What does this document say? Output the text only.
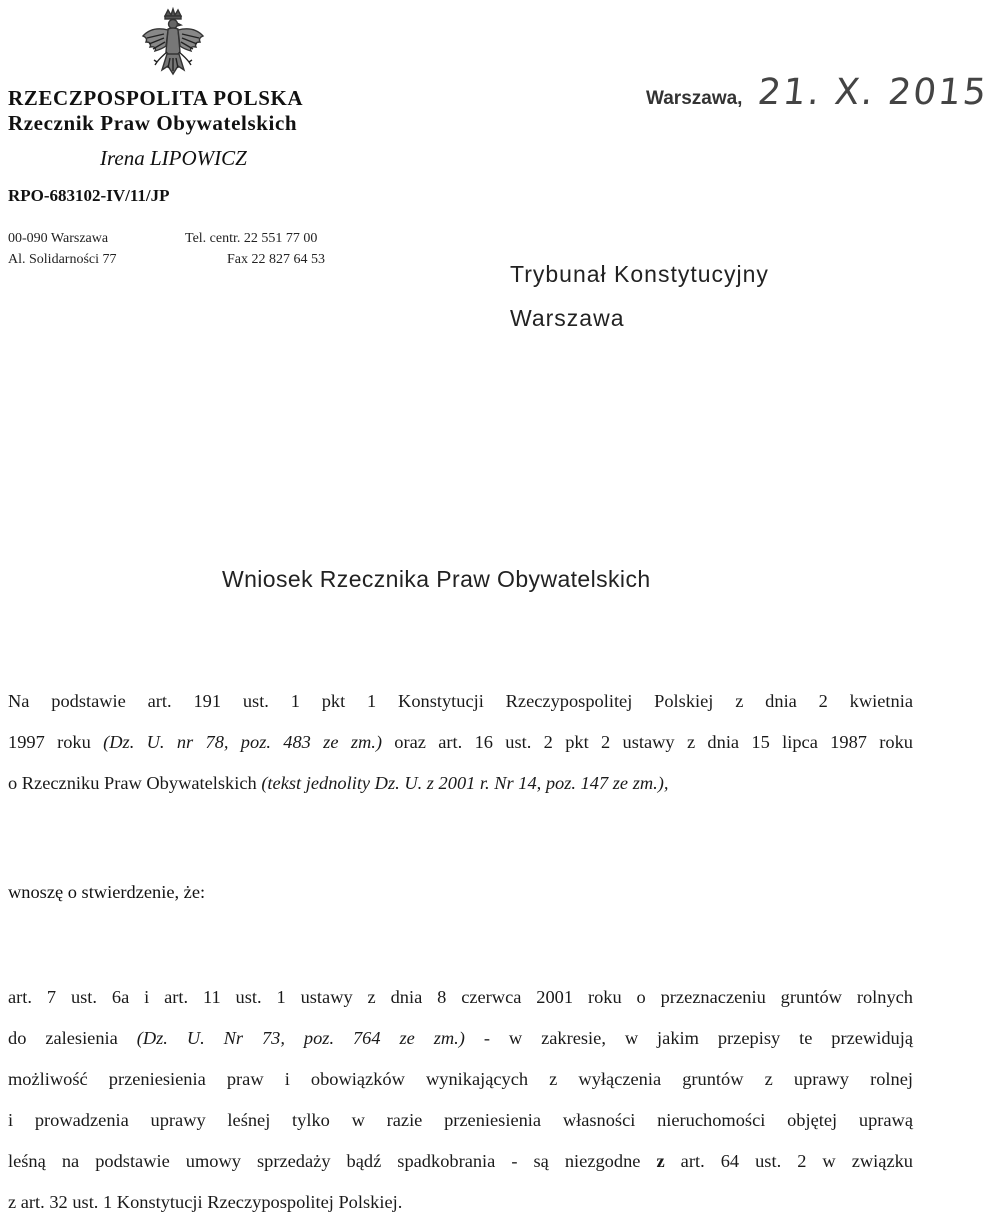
RZECZPOSPOLITA POLSKA
Rzecznik Praw Obywatelskich
Irena LIPOWICZ
RPO-683102-IV/11/JP
00-090 Warszawa
Al. Solidarności 77
Tel. centr. 22 551 77 00
Fax 22 827 64 53
Warszawa, 21. X. 2015
Trybunał Konstytucyjny
Warszawa
Wniosek Rzecznika Praw Obywatelskich
Na podstawie art. 191 ust. 1 pkt 1 Konstytucji Rzeczypospolitej Polskiej z dnia 2 kwietnia
1997 roku (Dz. U. nr 78, poz. 483 ze zm.) oraz art. 16 ust. 2 pkt 2 ustawy z dnia 15 lipca 1987 roku
o Rzeczniku Praw Obywatelskich (tekst jednolity Dz. U. z 2001 r. Nr 14, poz. 147 ze zm.),
wnoszę o stwierdzenie, że:
art. 7 ust. 6a i art. 11 ust. 1 ustawy z dnia 8 czerwca 2001 roku o przeznaczeniu gruntów rolnych
do zalesienia (Dz. U. Nr 73, poz. 764 ze zm.) - w zakresie, w jakim przepisy te przewidują
możliwość przeniesienia praw i obowiązków wynikających z wyłączenia gruntów z uprawy rolnej
i prowadzenia uprawy leśnej tylko w razie przeniesienia własności nieruchomości objętej uprawą
leśną na podstawie umowy sprzedaży bądź spadkobrania - są niezgodne z art. 64 ust. 2 w związku
z art. 32 ust. 1 Konstytucji Rzeczypospolitej Polskiej.
